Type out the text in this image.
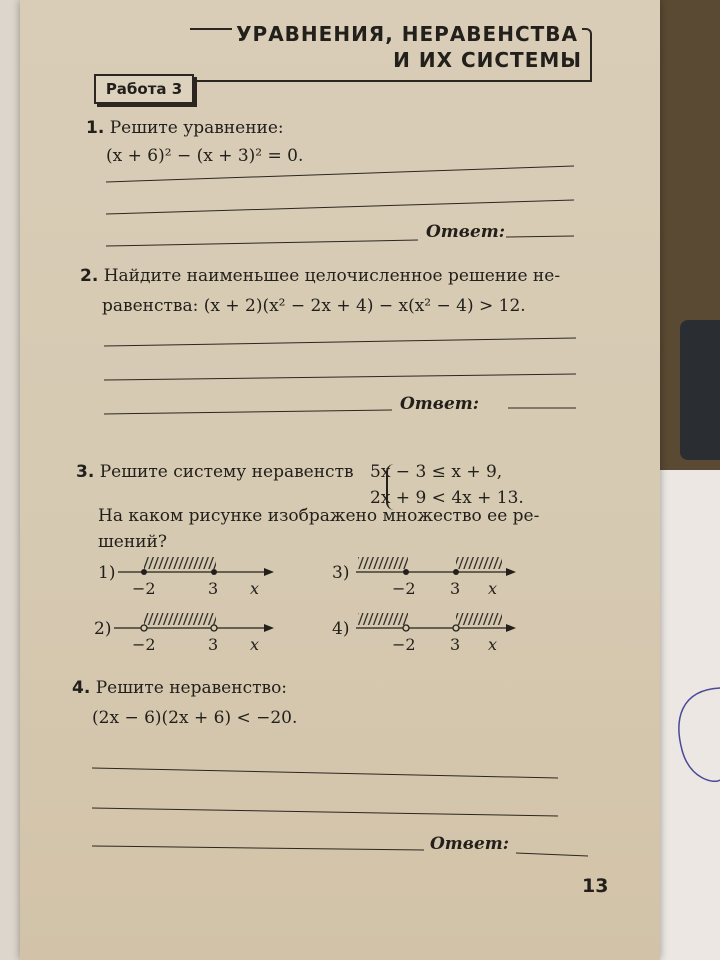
УРАВНЕНИЯ, НЕРАВЕНСТВА
И ИХ СИСТЕМЫ
Работа 3
1. Решите уравнение:
(x + 6)² − (x + 3)² = 0.
2. Найдите наименьшее целочисленное решение не-
равенства: (x + 2)(x² − 2x + 4) − x(x² − 4) > 12.
3. Решите систему неравенств 5x − 3 ≤ x + 9,
2x + 9 < 4x + 13.
На каком рисунке изображено множество ее ре-
шений?
4. Решите неравенство:
(2x − 6)(2x + 6) < −20.
Ответ:
Ответ:
Ответ:
13
1)
−2	3 x
2)
−2	3 x
3)
−2 3 x
4)
−2 3 x
